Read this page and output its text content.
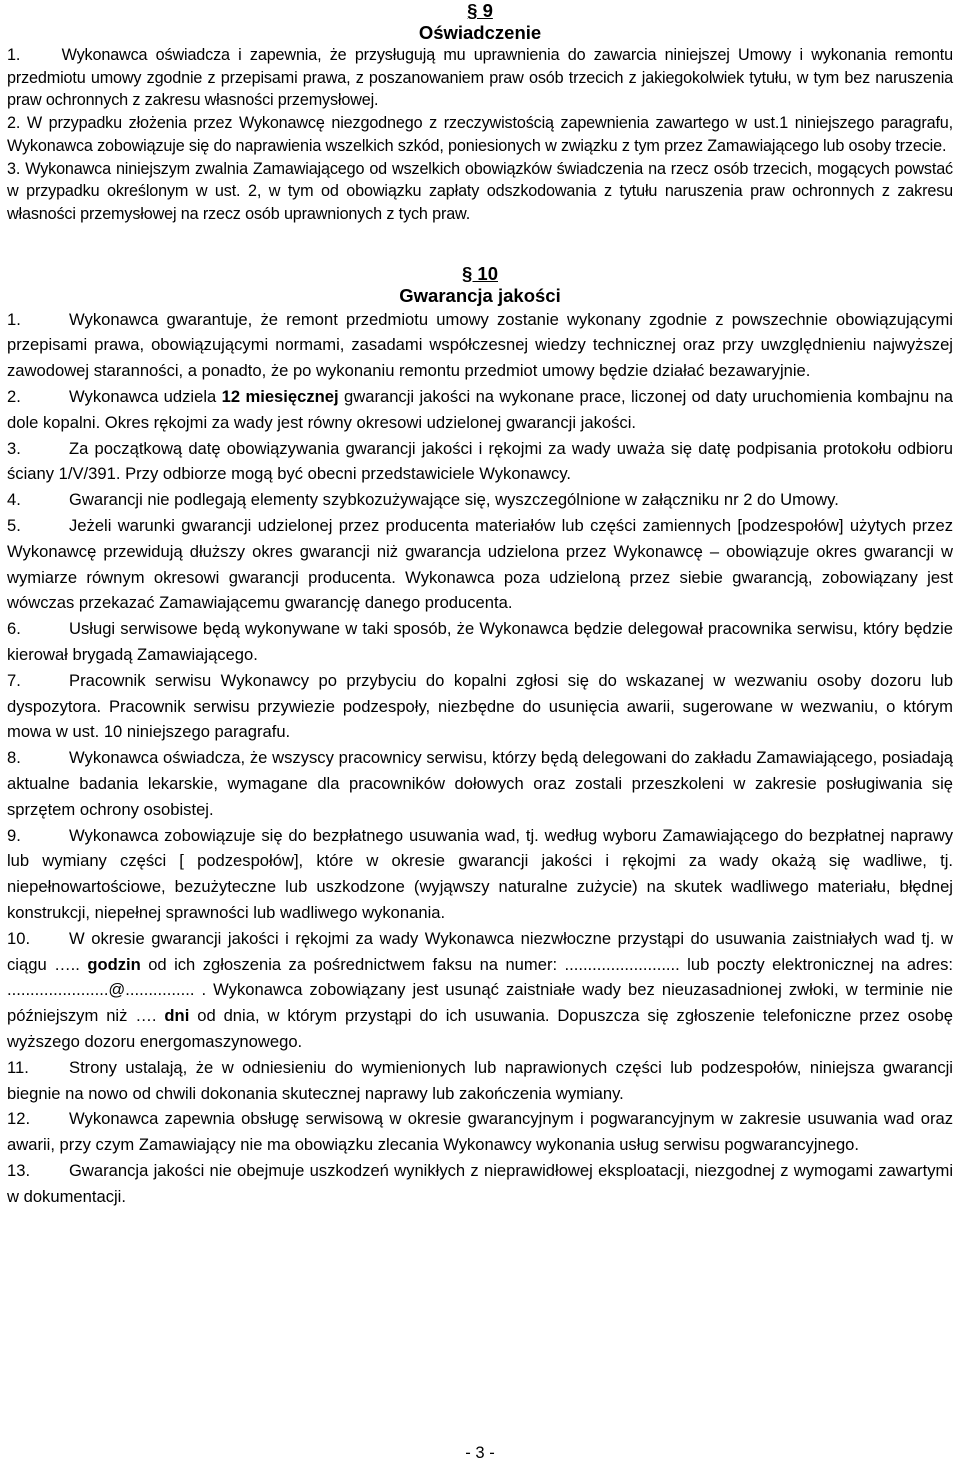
§ 9
Oświadczenie

1.	Wykonawca oświadcza i zapewnia, że przysługują mu uprawnienia do zawarcia niniejszej Umowy i wykonania remontu przedmiotu umowy zgodnie z przepisami prawa, z poszanowaniem praw osób trzecich z jakiegokolwiek tytułu, w tym bez naruszenia praw ochronnych z zakresu własności przemysłowej.

2. W przypadku złożenia przez Wykonawcę niezgodnego z rzeczywistością zapewnienia zawartego w ust.1 niniejszego paragrafu, Wykonawca zobowiązuje się do naprawienia wszelkich szkód, poniesionych w związku z tym przez Zamawiającego lub osoby trzecie.

3. Wykonawca niniejszym zwalnia Zamawiającego od wszelkich obowiązków świadczenia na rzecz osób trzecich, mogących powstać w przypadku określonym w ust. 2, w tym od obowiązku zapłaty odszkodowania z tytułu naruszenia praw ochronnych z zakresu własności przemysłowej na rzecz osób uprawnionych z tych praw.

§ 10
Gwarancja jakości

1.	Wykonawca gwarantuje, że remont przedmiotu umowy zostanie wykonany zgodnie z powszechnie obowiązującymi przepisami prawa, obowiązującymi normami, zasadami współczesnej wiedzy technicznej oraz przy uwzględnieniu najwyższej zawodowej staranności, a ponadto, że po wykonaniu remontu przedmiot umowy będzie działać bezawaryjnie.

2.	Wykonawca udziela 12 miesięcznej gwarancji jakości na wykonane prace, liczonej od daty uruchomienia kombajnu na dole kopalni. Okres rękojmi za wady jest równy okresowi udzielonej gwarancji jakości.

3.	Za początkową datę obowiązywania gwarancji jakości i rękojmi za wady uważa się datę podpisania protokołu odbioru ściany 1/V/391. Przy odbiorze mogą być obecni przedstawiciele Wykonawcy.

4.	Gwarancji nie podlegają elementy szybkozużywające się, wyszczególnione w załączniku nr 2 do Umowy.

5.	Jeżeli warunki gwarancji udzielonej przez producenta materiałów lub części zamiennych [podzespołów] użytych przez Wykonawcę przewidują dłuższy okres gwarancji niż gwarancja udzielona przez Wykonawcę – obowiązuje okres gwarancji w wymiarze równym okresowi gwarancji producenta. Wykonawca poza udzieloną przez siebie gwarancją, zobowiązany jest wówczas przekazać Zamawiającemu gwarancję danego producenta.

6.	Usługi serwisowe będą wykonywane w taki sposób, że Wykonawca będzie delegował pracownika serwisu, który będzie kierował brygadą Zamawiającego.

7.	Pracownik serwisu Wykonawcy po przybyciu do kopalni zgłosi się do wskazanej w wezwaniu osoby dozoru lub dyspozytora. Pracownik serwisu przywiezie podzespoły, niezbędne do usunięcia awarii, sugerowane w wezwaniu, o którym mowa w ust. 10 niniejszego paragrafu.

8.	Wykonawca oświadcza, że wszyscy pracownicy serwisu, którzy będą delegowani do zakładu Zamawiającego, posiadają aktualne badania lekarskie, wymagane dla pracowników dołowych oraz zostali przeszkoleni w zakresie posługiwania się sprzętem ochrony osobistej.

9.	Wykonawca zobowiązuje się do bezpłatnego usuwania wad, tj. według wyboru Zamawiającego do bezpłatnej naprawy lub wymiany części [ podzespołów], które w okresie gwarancji jakości i rękojmi za wady okażą się wadliwe, tj. niepełnowartościowe, bezużyteczne lub uszkodzone (wyjąwszy naturalne zużycie) na skutek wadliwego materiału, błędnej konstrukcji, niepełnej sprawności lub wadliwego wykonania.

10. W okresie gwarancji jakości i rękojmi za wady Wykonawca niezwłoczne przystąpi do usuwania zaistniałych wad tj. w ciągu ….. godzin od ich zgłoszenia za pośrednictwem faksu na numer: ......................... lub poczty elektronicznej na adres: ......................@............... . Wykonawca zobowiązany jest usunąć zaistniałe wady bez nieuzasadnionej zwłoki, w terminie nie późniejszym niż …. dni od dnia, w którym przystąpi do ich usuwania. Dopuszcza się zgłoszenie telefoniczne przez osobę wyższego dozoru energomaszynowego.

11. Strony ustalają, że w odniesieniu do wymienionych lub naprawionych części lub podzespołów, niniejsza gwarancji biegnie na nowo od chwili dokonania skutecznej naprawy lub zakończenia wymiany.

12. Wykonawca zapewnia obsługę serwisową w okresie gwarancyjnym i pogwarancyjnym w zakresie usuwania wad oraz awarii, przy czym Zamawiający nie ma obowiązku zlecania Wykonawcy wykonania usług serwisu pogwarancyjnego.

13. Gwarancja jakości nie obejmuje uszkodzeń wynikłych z nieprawidłowej eksploatacji, niezgodnej z wymogami zawartymi w dokumentacji.

- 3 -
